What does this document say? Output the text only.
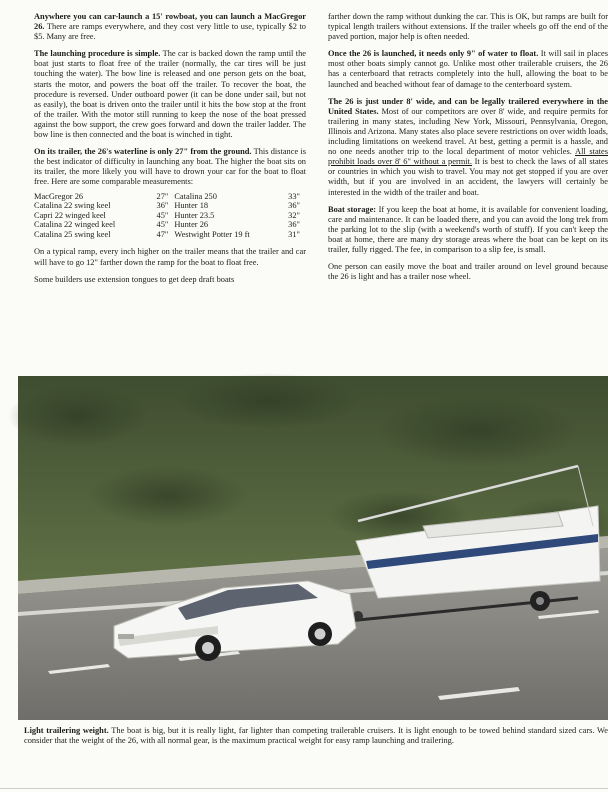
Anywhere you can car-launch a 15' rowboat, you can launch a MacGregor 26. There are ramps everywhere, and they cost very little to use, typically $2 to $5. Many are free.

The launching procedure is simple. The car is backed down the ramp until the boat just starts to float free of the trailer (normally, the car tires will be just touching the water). The bow line is released and one person gets on the boat, starts the motor, and powers the boat off the trailer. To recover the boat, the procedure is reversed. Under outboard power (it can be done under sail, but not as easily), the boat is driven onto the trailer until it hits the bow stop at the front of the trailer. With the motor still running to keep the nose of the boat pressed against the bow support, the crew goes forward and down the trailer ladder. The bow line is then connected and the boat is winched in tight.

On its trailer, the 26's waterline is only 27" from the ground. This distance is the best indicator of difficulty in launching any boat. The higher the boat sits on its trailer, the more likely you will have to drown your car for the boat to float free. Here are some comparable measurements:

MacGregor 26	27"	Catalina 250	33"
Catalina 22 swing keel	36"	Hunter 18	36"
Capri 22 winged keel	45"	Hunter 23.5	32"
Catalina 22 winged keel	45"	Hunter 26	36"
Catalina 25 swing keel	47"	Westwight Potter 19 ft	31"

On a typical ramp, every inch higher on the trailer means that the trailer and car will have to go 12" farther down the ramp for the boat to float free.

Some builders use extension tongues to get deep draft boats

farther down the ramp without dunking the car. This is OK, but ramps are built for typical length trailers without extensions. If the trailer wheels go off the end of the paved portion, major help is often needed.

Once the 26 is launched, it needs only 9" of water to float. It will sail in places most other boats simply cannot go. Unlike most other trailerable cruisers, the 26 has a centerboard that retracts completely into the hull, allowing the boat to be launched and beached without fear of damage to the centerboard system.

The 26 is just under 8' wide, and can be legally trailered everywhere in the United States. Most of our competitors are over 8' wide, and require permits for trailering in many states, including New York, Missouri, Pennsylvania, Oregon, Illinois and Arizona. Many states also place severe restrictions on over width loads, including limitations on weekend travel. At best, getting a permit is a hassle, and no one needs another trip to the local department of motor vehicles. All states prohibit loads over 8' 6" without a permit. It is best to check the laws of all states or countries in which you wish to travel. You may not get stopped if you are over width, but if you are involved in an accident, the lawyers will certainly be interested in the width of the trailer and boat.

Boat storage: If you keep the boat at home, it is available for convenient loading, care and maintenance. It can be loaded there, and you can avoid the long trek from the parking lot to the slip (with a weekend's worth of stuff). If you can't keep the boat at home, there are many dry storage areas where the boat can be kept on its trailer, fully rigged. The fee, in comparison to a slip fee, is small.

One person can easily move the boat and trailer around on level ground because the 26 is light and has a trailer nose wheel.

Light trailering weight. The boat is big, but it is really light, far lighter than competing trailerable cruisers. It is light enough to be towed behind standard sized cars. We consider that the weight of the 26, with all normal gear, is the maximum practical weight for easy ramp launching and trailering.
